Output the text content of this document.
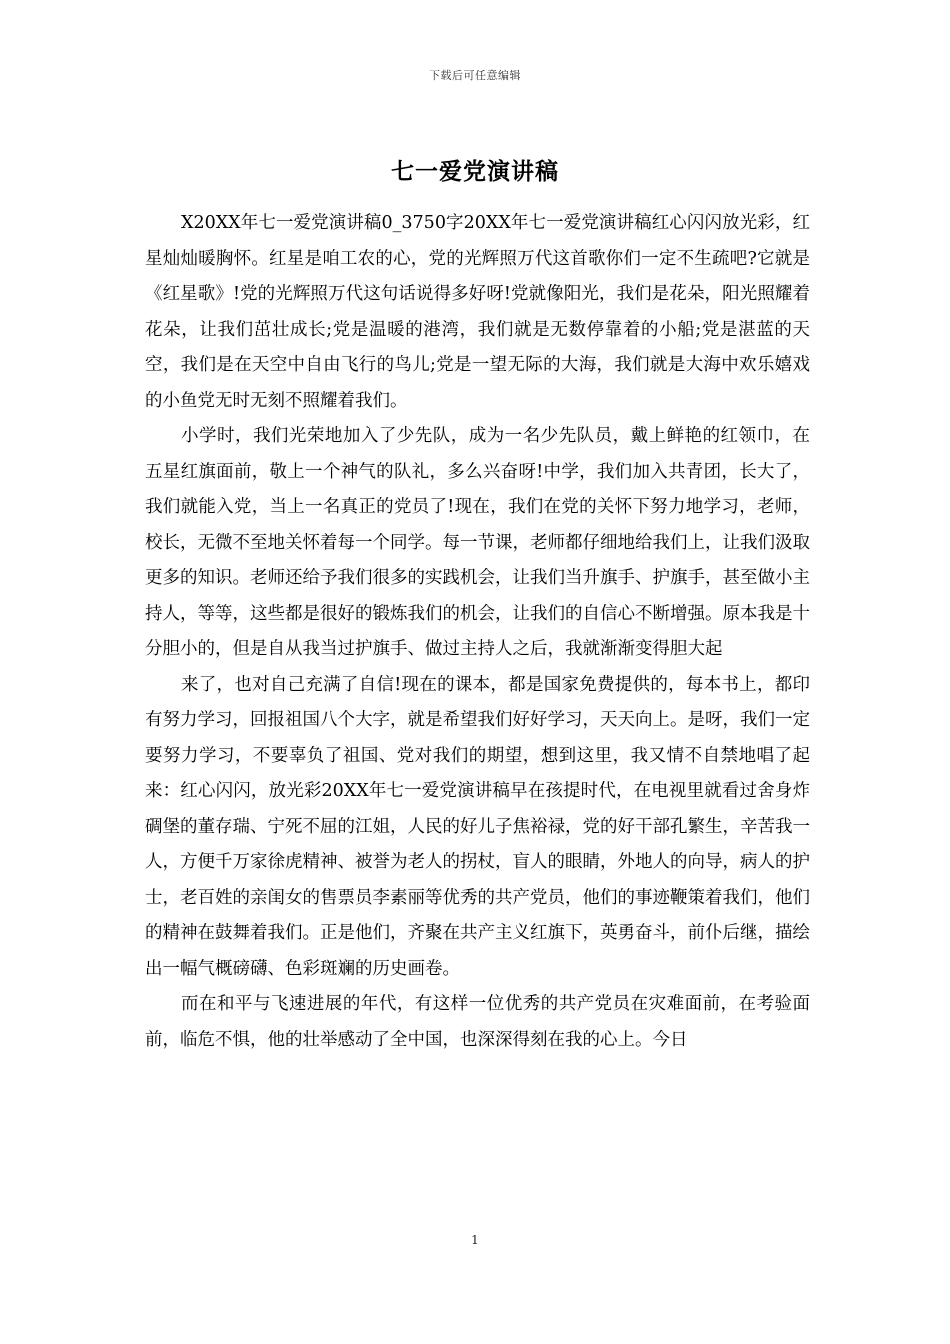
下载后可任意编辑
七一爱党演讲稿

X20XX年七一爱党演讲稿0_3750字20XX年七一爱党演讲稿红心闪闪放光彩，红星灿灿暖胸怀。红星是咱工农的心，党的光辉照万代这首歌你们一定不生疏吧?它就是《红星歌》!党的光辉照万代这句话说得多好呀!党就像阳光，我们是花朵，阳光照耀着花朵，让我们茁壮成长;党是温暖的港湾，我们就是无数停靠着的小船;党是湛蓝的天空，我们是在天空中自由飞行的鸟儿;党是一望无际的大海，我们就是大海中欢乐嬉戏的小鱼党无时无刻不照耀着我们。

小学时，我们光荣地加入了少先队，成为一名少先队员，戴上鲜艳的红领巾，在五星红旗面前，敬上一个神气的队礼，多么兴奋呀!中学，我们加入共青团，长大了，我们就能入党，当上一名真正的党员了!现在，我们在党的关怀下努力地学习，老师，校长，无微不至地关怀着每一个同学。每一节课，老师都仔细地给我们上，让我们汲取更多的知识。老师还给予我们很多的实践机会，让我们当升旗手、护旗手，甚至做小主持人，等等，这些都是很好的锻炼我们的机会，让我们的自信心不断增强。原本我是十分胆小的，但是自从我当过护旗手、做过主持人之后，我就渐渐变得胆大起

来了，也对自己充满了自信!现在的课本，都是国家免费提供的，每本书上，都印有努力学习，回报祖国八个大字，就是希望我们好好学习，天天向上。是呀，我们一定要努力学习，不要辜负了祖国、党对我们的期望，想到这里，我又情不自禁地唱了起来：红心闪闪，放光彩20XX年七一爱党演讲稿早在孩提时代，在电视里就看过舍身炸碉堡的董存瑞、宁死不屈的江姐，人民的好儿子焦裕禄，党的好干部孔繁生，辛苦我一人，方便千万家徐虎精神、被誉为老人的拐杖，盲人的眼睛，外地人的向导，病人的护士，老百姓的亲闺女的售票员李素丽等优秀的共产党员，他们的事迹鞭策着我们，他们的精神在鼓舞着我们。正是他们，齐聚在共产主义红旗下，英勇奋斗，前仆后继，描绘出一幅气概磅礴、色彩斑斓的历史画卷。

而在和平与飞速进展的年代，有这样一位优秀的共产党员在灾难面前，在考验面前，临危不惧，他的壮举感动了全中国，也深深得刻在我的心上。今日

1
